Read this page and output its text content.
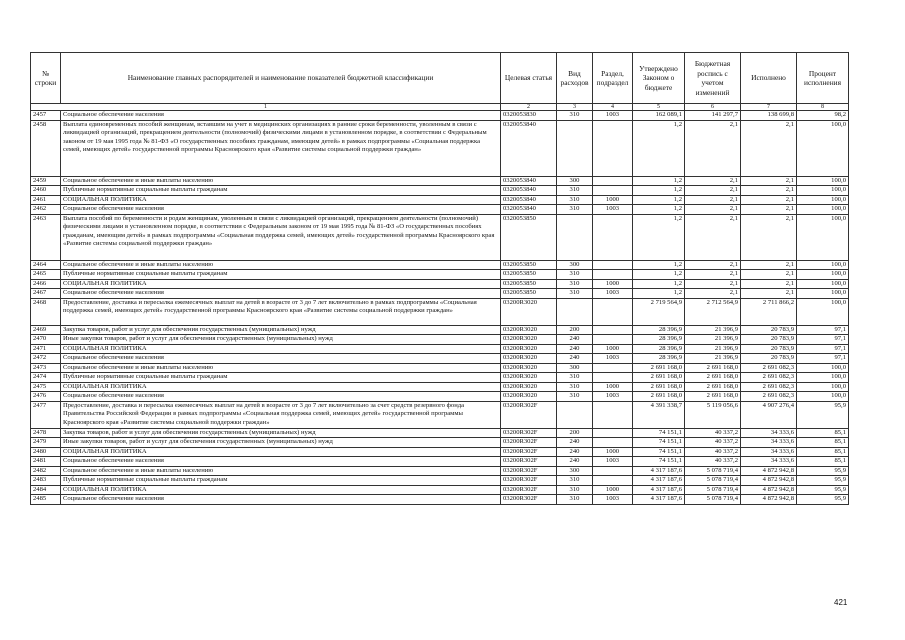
№ строки	Наименование главных распорядителей и наименование показателей бюджетной классификации	Целевая статья	Вид расходов	Раздел, подраздел	Утверждено Законом о бюджете	Бюджетная роспись с учетом изменений	Исполнено	Процент исполнения
1		2	3	4	5	6	7	8
2457	Социальное обеспечение населения	0320053830	310	1003	162 089,1	141 297,7	138 699,8	98,2
2458	Выплата единовременных пособий женщинам, вставшим на учет в медицинских организациях в ранние сроки беременности, уволенным в связи с ликвидацией организаций, прекращением деятельности (полномочий) физическими лицами в установленном порядке, в соответствии с Федеральным законом от 19 мая 1995 года № 81-ФЗ «О государственных пособиях гражданам, имеющим детей» в рамках подпрограммы «Социальная поддержка семей, имеющих детей» государственной программы Красноярского края «Развитие системы социальной поддержки граждан»	0320053840			1,2	2,1	2,1	100,0
2459	Социальное обеспечение и иные выплаты населению	0320053840	300		1,2	2,1	2,1	100,0
2460	Публичные нормативные социальные выплаты гражданам	0320053840	310		1,2	2,1	2,1	100,0
2461	СОЦИАЛЬНАЯ ПОЛИТИКА	0320053840	310	1000	1,2	2,1	2,1	100,0
2462	Социальное обеспечение населения	0320053840	310	1003	1,2	2,1	2,1	100,0
2463	Выплата пособий по беременности и родам женщинам, уволенным в связи с ликвидацией организаций, прекращением деятельности (полномочий) физическими лицами в установленном порядке, в соответствии с Федеральным законом от 19 мая 1995 года № 81-ФЗ «О государственных пособиях гражданам, имеющим детей» в рамках подпрограммы «Социальная поддержка семей, имеющих детей» государственной программы Красноярского края «Развитие системы социальной поддержки граждан»	0320053850			1,2	2,1	2,1	100,0
2464	Социальное обеспечение и иные выплаты населению	0320053850	300		1,2	2,1	2,1	100,0
2465	Публичные нормативные социальные выплаты гражданам	0320053850	310		1,2	2,1	2,1	100,0
2466	СОЦИАЛЬНАЯ ПОЛИТИКА	0320053850	310	1000	1,2	2,1	2,1	100,0
2467	Социальное обеспечение населения	0320053850	310	1003	1,2	2,1	2,1	100,0
2468	Предоставление, доставка и пересылка ежемесячных выплат на детей в возрасте от 3 до 7 лет включительно в рамках подпрограммы «Социальная поддержка семей, имеющих детей» государственной программы Красноярского края «Развитие системы социальной поддержки граждан»	03200R3020			2 719 564,9	2 712 564,9	2 711 866,2	100,0
2469	Закупка товаров, работ и услуг для обеспечения государственных (муниципальных) нужд	03200R3020	200		28 396,9	21 396,9	20 783,9	97,1
2470	Иные закупки товаров, работ и услуг для обеспечения государственных (муниципальных) нужд	03200R3020	240		28 396,9	21 396,9	20 783,9	97,1
2471	СОЦИАЛЬНАЯ ПОЛИТИКА	03200R3020	240	1000	28 396,9	21 396,9	20 783,9	97,1
2472	Социальное обеспечение населения	03200R3020	240	1003	28 396,9	21 396,9	20 783,9	97,1
2473	Социальное обеспечение и иные выплаты населению	03200R3020	300		2 691 168,0	2 691 168,0	2 691 082,3	100,0
2474	Публичные нормативные социальные выплаты гражданам	03200R3020	310		2 691 168,0	2 691 168,0	2 691 082,3	100,0
2475	СОЦИАЛЬНАЯ ПОЛИТИКА	03200R3020	310	1000	2 691 168,0	2 691 168,0	2 691 082,3	100,0
2476	Социальное обеспечение населения	03200R3020	310	1003	2 691 168,0	2 691 168,0	2 691 082,3	100,0
2477	Предоставление, доставка и пересылка ежемесячных выплат на детей в возрасте от 3 до 7 лет включительно за счет средств резервного фонда Правительства Российской Федерации в рамках подпрограммы «Социальная поддержка семей, имеющих детей» государственной программы Красноярского края «Развитие системы социальной поддержки граждан»	03200R302F			4 391 338,7	5 119 056,6	4 907 276,4	95,9
2478	Закупка товаров, работ и услуг для обеспечения государственных (муниципальных) нужд	03200R302F	200		74 151,1	40 337,2	34 333,6	85,1
2479	Иные закупки товаров, работ и услуг для обеспечения государственных (муниципальных) нужд	03200R302F	240		74 151,1	40 337,2	34 333,6	85,1
2480	СОЦИАЛЬНАЯ ПОЛИТИКА	03200R302F	240	1000	74 151,1	40 337,2	34 333,6	85,1
2481	Социальное обеспечение населения	03200R302F	240	1003	74 151,1	40 337,2	34 333,6	85,1
2482	Социальное обеспечение и иные выплаты населению	03200R302F	300		4 317 187,6	5 078 719,4	4 872 942,8	95,9
2483	Публичные нормативные социальные выплаты гражданам	03200R302F	310		4 317 187,6	5 078 719,4	4 872 942,8	95,9
2484	СОЦИАЛЬНАЯ ПОЛИТИКА	03200R302F	310	1000	4 317 187,6	5 078 719,4	4 872 942,8	95,9
2485	Социальное обеспечение населения	03200R302F	310	1003	4 317 187,6	5 078 719,4	4 872 942,8	95,9
421
